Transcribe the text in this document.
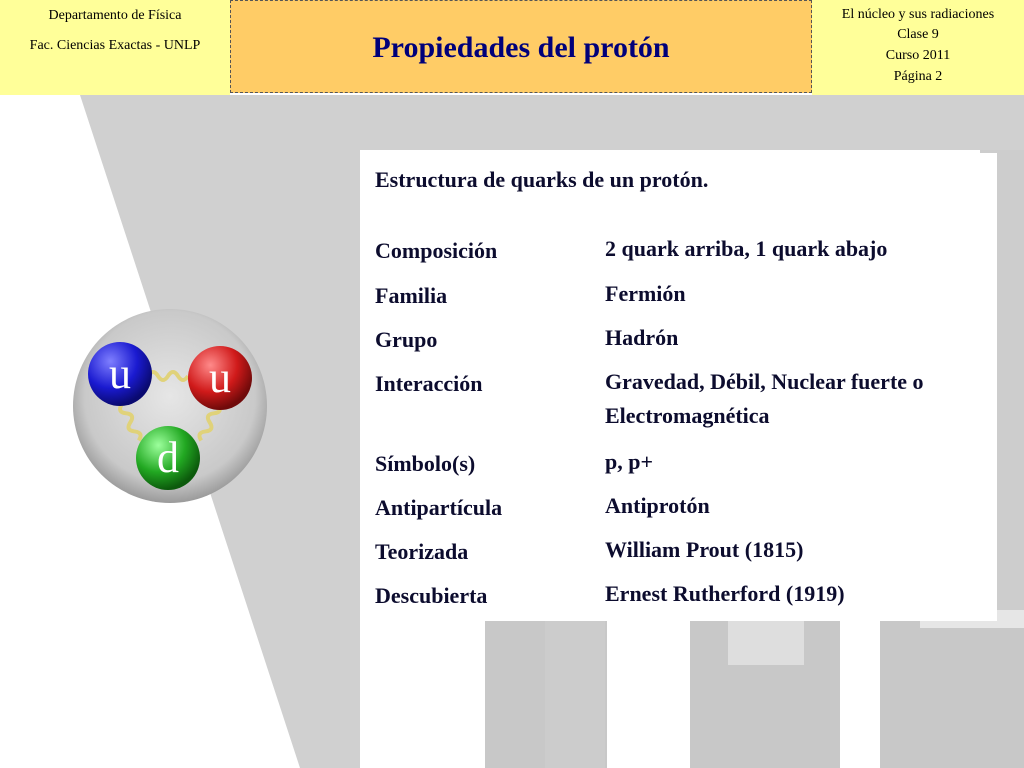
Departamento de Física
Fac. Ciencias Exactas - UNLP	Propiedades del protón
El núcleo y sus radiaciones
Clase 9
Curso 2011
Página 2
u u
d
Estructura de quarks de un protón.
Composición	2 quark arriba, 1 quark abajo
Familia	Fermión
Grupo	Hadrón
Interacción	Gravedad, Débil, Nuclear fuerte o Electromagnética
Símbolo(s)	p, p+
Antipartícula	Antiprotón
Teorizada	William Prout (1815)
Descubierta	Ernest Rutherford (1919)
